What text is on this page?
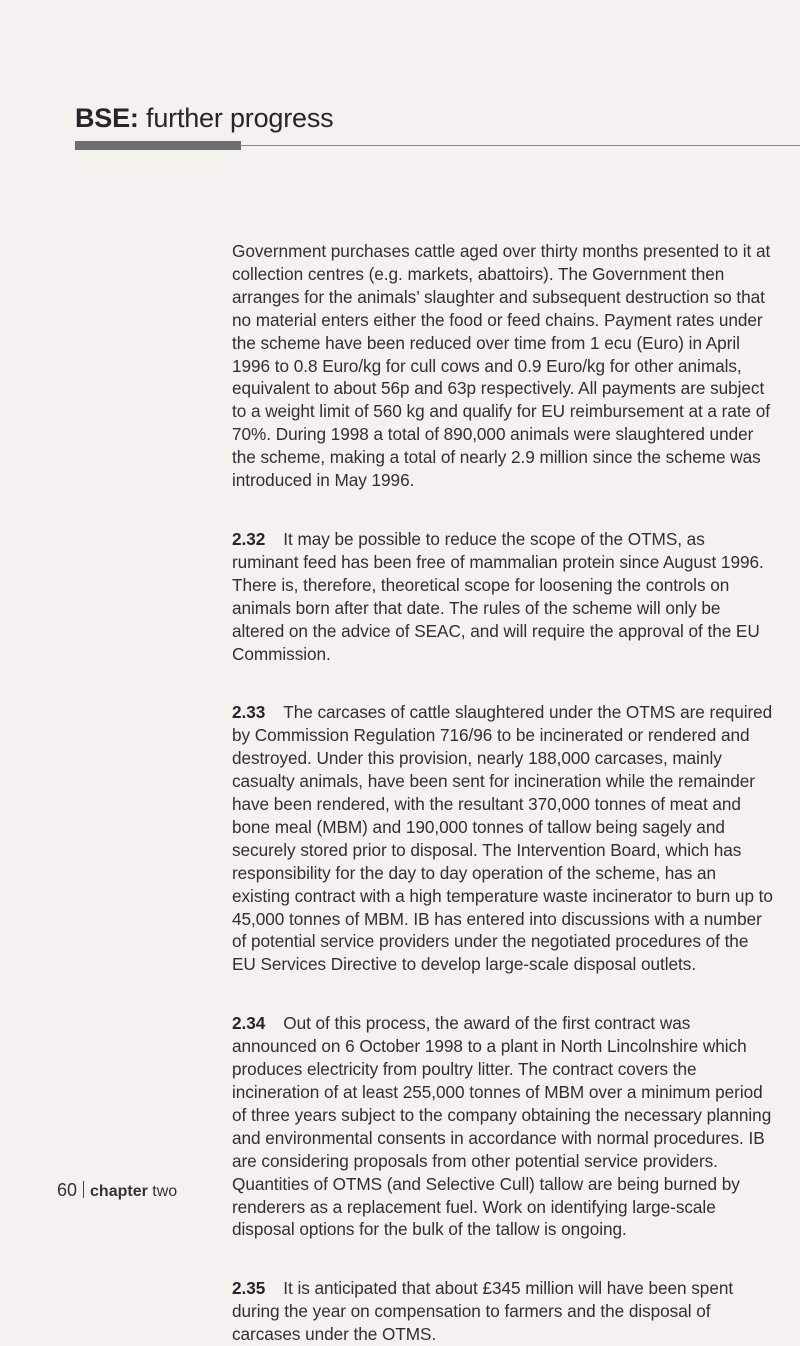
BSE: further progress

Government purchases cattle aged over thirty months presented to it at collection centres (e.g. markets, abattoirs). The Government then arranges for the animals’ slaughter and subsequent destruction so that no material enters either the food or feed chains. Payment rates under the scheme have been reduced over time from 1 ecu (Euro) in April 1996 to 0.8 Euro/kg for cull cows and 0.9 Euro/kg for other animals, equivalent to about 56p and 63p respectively. All payments are subject to a weight limit of 560 kg and qualify for EU reimbursement at a rate of 70%. During 1998 a total of 890,000 animals were slaughtered under the scheme, making a total of nearly 2.9 million since the scheme was introduced in May 1996.

2.32 It may be possible to reduce the scope of the OTMS, as ruminant feed has been free of mammalian protein since August 1996. There is, therefore, theoretical scope for loosening the controls on animals born after that date. The rules of the scheme will only be altered on the advice of SEAC, and will require the approval of the EU Commission.

2.33 The carcases of cattle slaughtered under the OTMS are required by Commission Regulation 716/96 to be incinerated or rendered and destroyed. Under this provision, nearly 188,000 carcases, mainly casualty animals, have been sent for incineration while the remainder have been rendered, with the resultant 370,000 tonnes of meat and bone meal (MBM) and 190,000 tonnes of tallow being sagely and securely stored prior to disposal. The Intervention Board, which has responsibility for the day to day operation of the scheme, has an existing contract with a high temperature waste incinerator to burn up to 45,000 tonnes of MBM. IB has entered into discussions with a number of potential service providers under the negotiated procedures of the EU Services Directive to develop large-scale disposal outlets.

2.34 Out of this process, the award of the first contract was announced on 6 October 1998 to a plant in North Lincolnshire which produces electricity from poultry litter. The contract covers the incineration of at least 255,000 tonnes of MBM over a minimum period of three years subject to the company obtaining the necessary planning and environmental consents in accordance with normal procedures. IB are considering proposals from other potential service providers. Quantities of OTMS (and Selective Cull) tallow are being burned by renderers as a replacement fuel. Work on identifying large-scale disposal options for the bulk of the tallow is ongoing.

2.35 It is anticipated that about £345 million will have been spent during the year on compensation to farmers and the disposal of carcases under the OTMS.

60 chapter two
